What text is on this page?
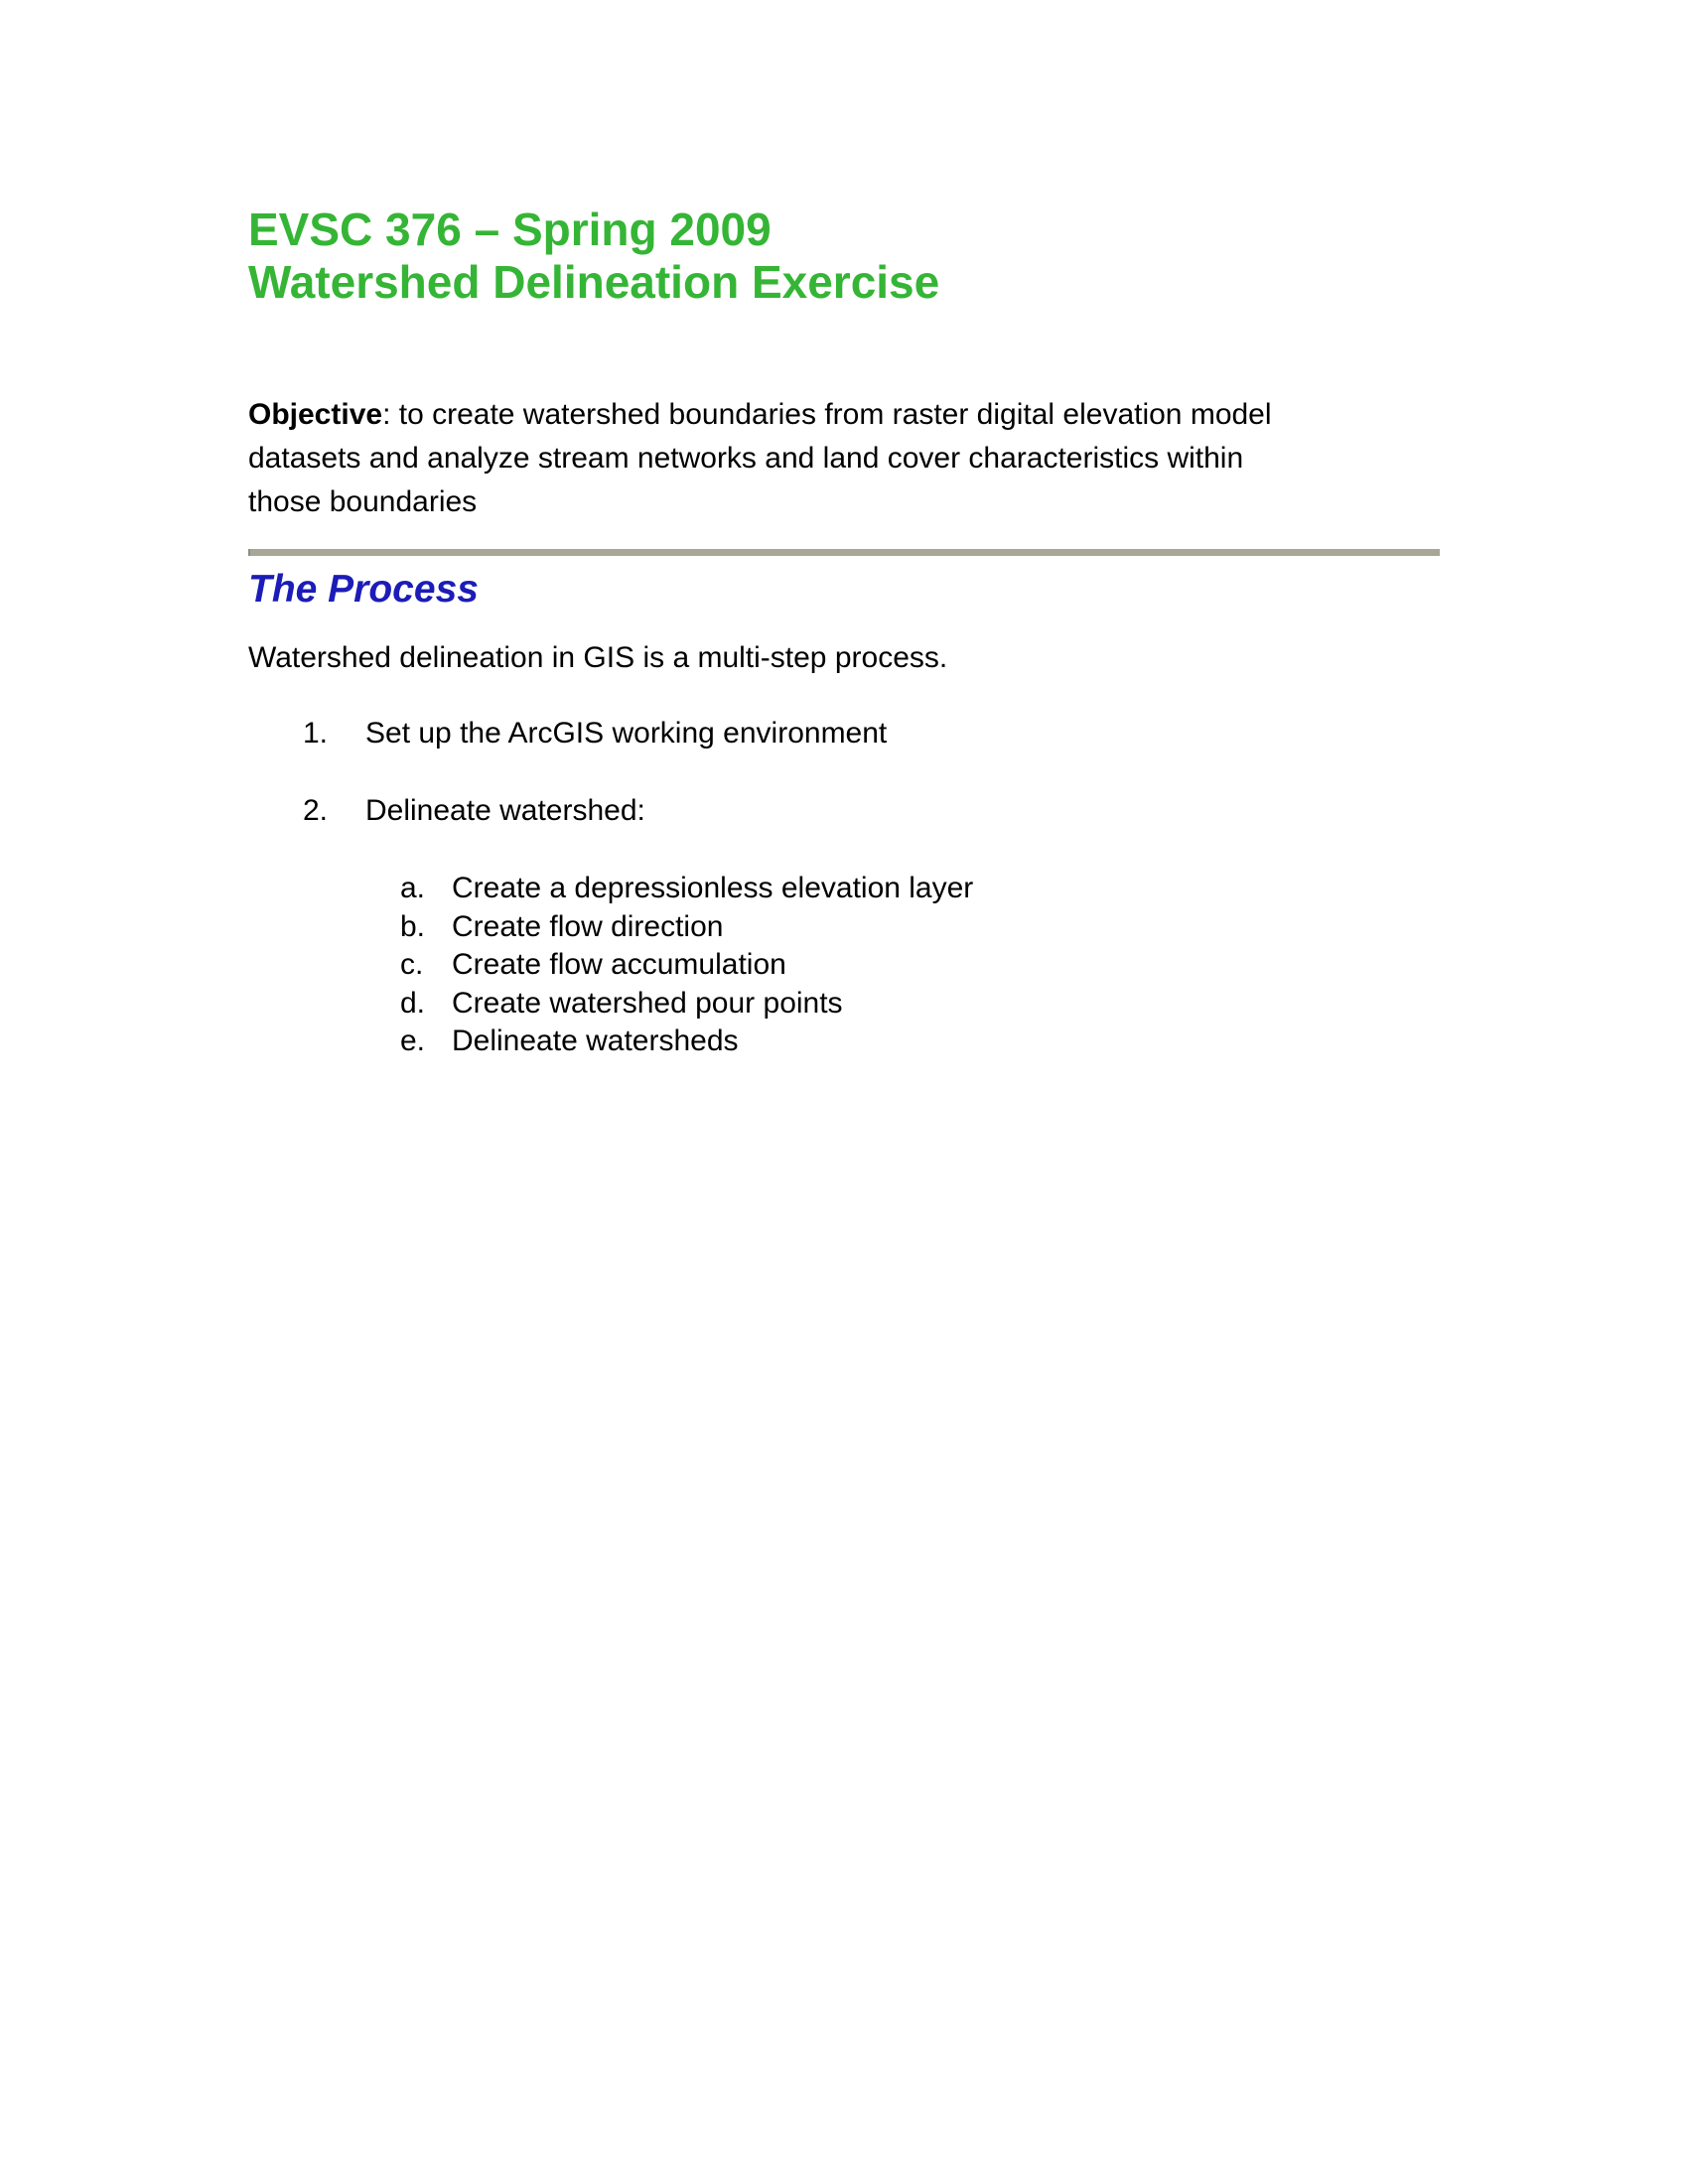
EVSC 376 – Spring 2009
Watershed Delineation Exercise

Objective: to create watershed boundaries from raster digital elevation model
datasets and analyze stream networks and land cover characteristics within
those boundaries

The Process

Watershed delineation in GIS is a multi-step process.

1.	Set up the ArcGIS working environment
2.	Delineate watershed:
a. Create a depressionless elevation layer
b. Create flow direction
c. Create flow accumulation
d. Create watershed pour points
e. Delineate watersheds
